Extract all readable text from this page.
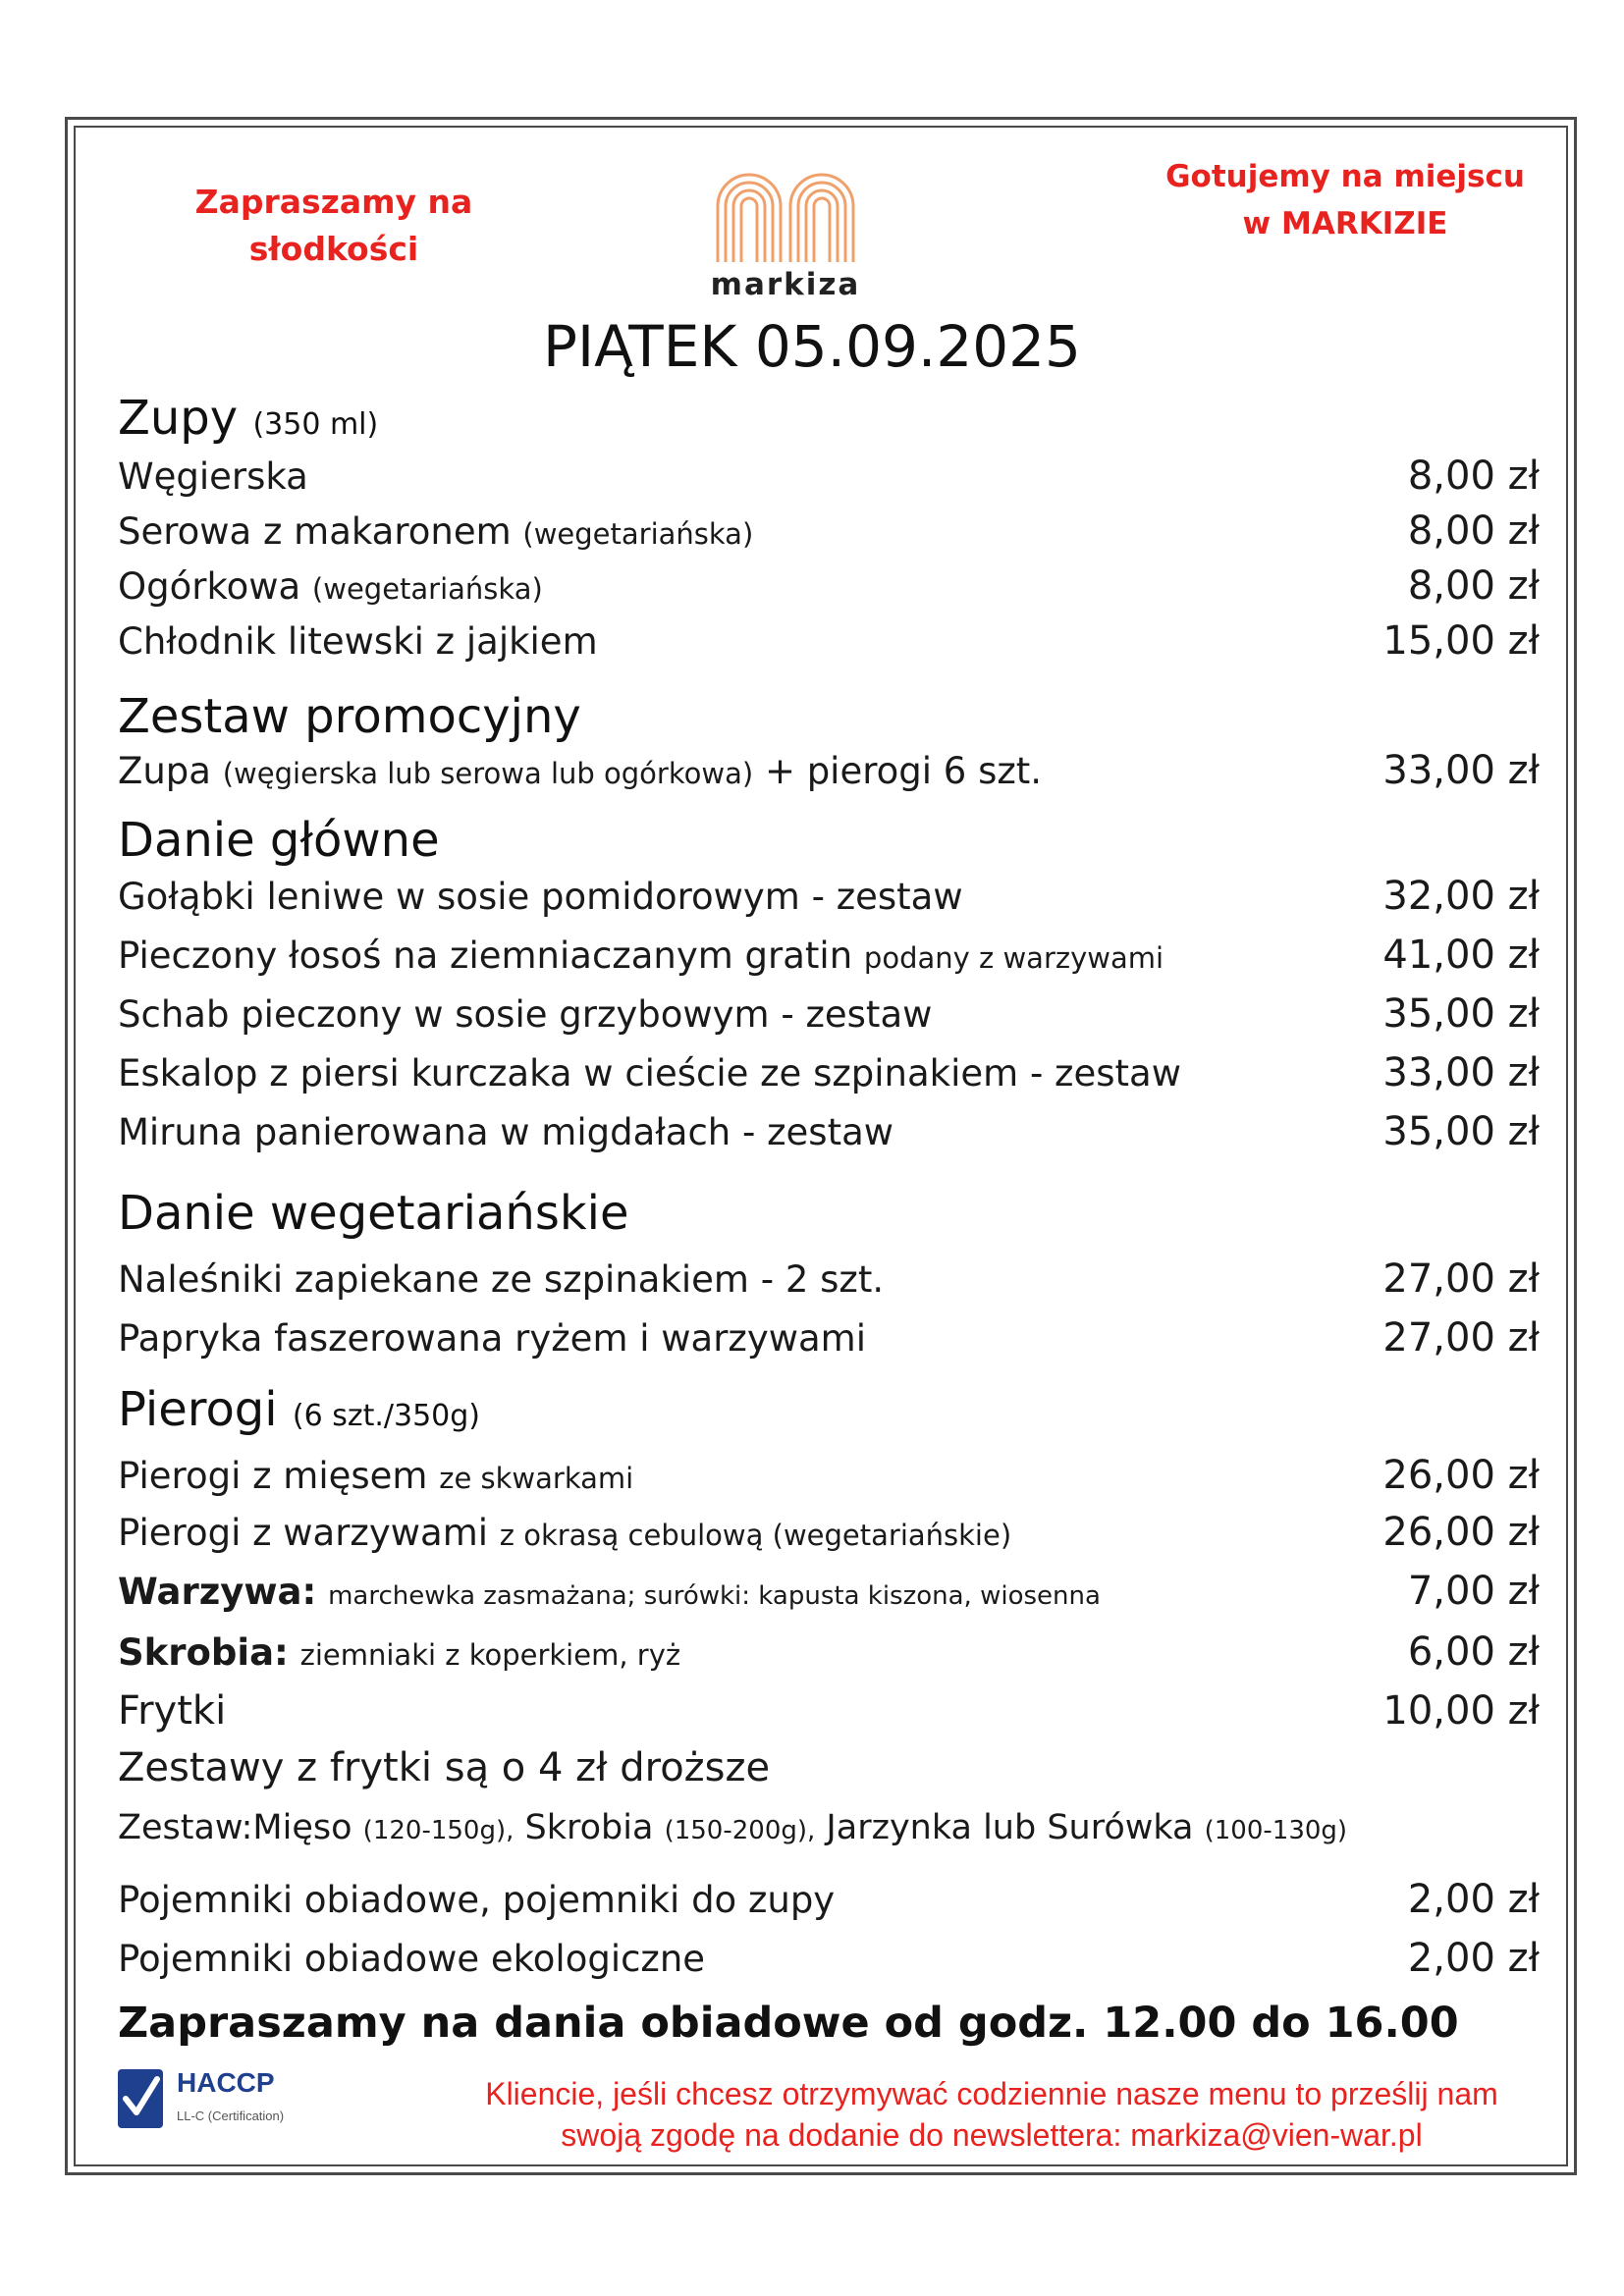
Zapraszamy na
słodkości
markiza
Gotujemy na miejscu
w MARKIZIE
PIĄTEK 05.09.2025
Zupy (350 ml)
Węgierska	8,00 zł
Serowa z makaronem (wegetariańska)	8,00 zł
Ogórkowa (wegetariańska)	8,00 zł
Chłodnik litewski z jajkiem	15,00 zł
Zestaw promocyjny
Zupa (węgierska lub serowa lub ogórkowa) + pierogi 6 szt.	33,00 zł
Danie główne
Gołąbki leniwe w sosie pomidorowym - zestaw	32,00 zł
Pieczony łosoś na ziemniaczanym gratin podany z warzywami	41,00 zł
Schab pieczony w sosie grzybowym - zestaw	35,00 zł
Eskalop z piersi kurczaka w cieście ze szpinakiem - zestaw	33,00 zł
Miruna panierowana w migdałach - zestaw	35,00 zł
Danie wegetariańskie
Naleśniki zapiekane ze szpinakiem - 2 szt.	27,00 zł
Papryka faszerowana ryżem i warzywami	27,00 zł
Pierogi (6 szt./350g)
Pierogi z mięsem ze skwarkami	26,00 zł
Pierogi z warzywami z okrasą cebulową (wegetariańskie)	26,00 zł
Warzywa: marchewka zasmażana; surówki: kapusta kiszona, wiosenna	7,00 zł
Skrobia: ziemniaki z koperkiem, ryż	6,00 zł
Frytki	10,00 zł
Zestawy z frytki są o 4 zł droższe
Zestaw:Mięso (120-150g), Skrobia (150-200g), Jarzynka lub Surówka (100-130g)
Pojemniki obiadowe, pojemniki do zupy	2,00 zł
Pojemniki obiadowe ekologiczne	2,00 zł
Zapraszamy na dania obiadowe od godz. 12.00 do 16.00
HACCP
LL-C (Certification)
Kliencie, jeśli chcesz otrzymywać codziennie nasze menu to prześlij nam
swoją zgodę na dodanie do newslettera: markiza@vien-war.pl
